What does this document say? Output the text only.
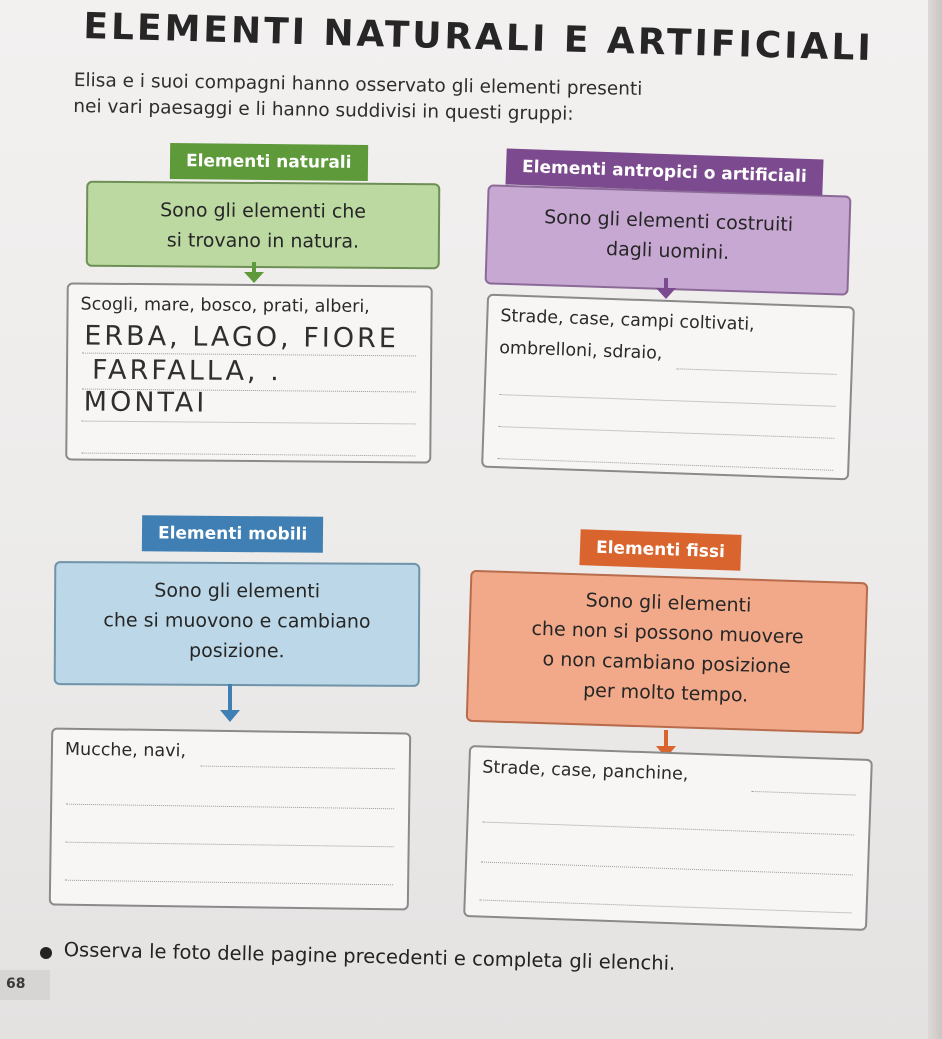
ELEMENTI NATURALI E ARTIFICIALI
Elisa e i suoi compagni hanno osservato gli elementi presenti
nei vari paesaggi e li hanno suddivisi in questi gruppi:
Sono gli elementi che
si trovano in natura.
Elementi naturali
Scogli, mare, bosco, prati, alberi,
ERBA, LAGO, FIORE
FARFALLA, .
MONTAI
Sono gli elementi costruiti
dagli uomini.
Elementi antropici o artificiali
Strade, case, campi coltivati,
ombrelloni, sdraio,
Sono gli elementi
che si muovono e cambiano
posizione.
Elementi mobili
Mucche, navi,
Sono gli elementi
che non si possono muovere
o non cambiano posizione
per molto tempo.
Elementi fissi
Strade, case, panchine,
Osserva le foto delle pagine precedenti e completa gli elenchi.
68
